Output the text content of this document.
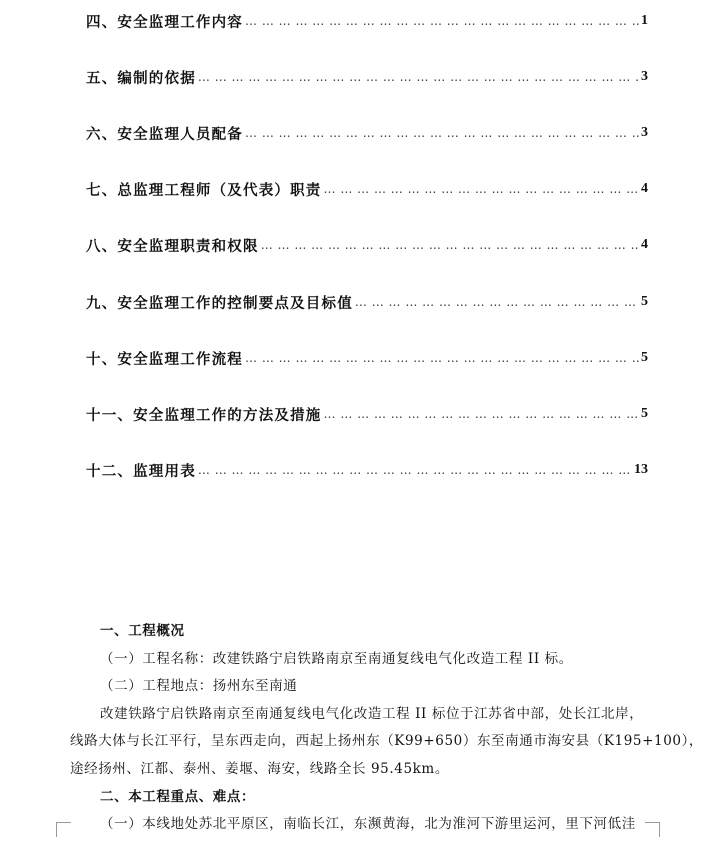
四、安全监理工作内容 … … … … … … … … … … … … … … … … … … … … … … … … … … … … … … … … … … … … … … … … … … … … … …	1
五、编制的依据 … … … … … … … … … … … … … … … … … … … … … … … … … … … … … … … … … … … … … … … … … … … … … …	3
六、安全监理人员配备 … … … … … … … … … … … … … … … … … … … … … … … … … … … … … … … … … … … … … … … … … … … … … …	3
七、总监理工程师（及代表）职责 … … … … … … … … … … … … … … … … … … … … … … … … … … … … … … … … … … … … … … … … … … … … … …	4
八、安全监理职责和权限 … … … … … … … … … … … … … … … … … … … … … … … … … … … … … … … … … … … … … … … … … … … … … …	4
九、安全监理工作的控制要点及目标值 … … … … … … … … … … … … … … … … … … … … … … … … … … … … … … … … … … … … … … … … … … … … … …	5
十、安全监理工作流程 … … … … … … … … … … … … … … … … … … … … … … … … … … … … … … … … … … … … … … … … … … … … … …	5
十一、安全监理工作的方法及措施 … … … … … … … … … … … … … … … … … … … … … … … … … … … … … … … … … … … … … … … … … … … … … …	5
十二、监理用表 … … … … … … … … … … … … … … … … … … … … … … … … … … … … … … … … … … … … … … … … … … … … … …	13
一、工程概况
（一）工程名称：改建铁路宁启铁路南京至南通复线电气化改造工程 II 标。
（二）工程地点：扬州东至南通
改建铁路宁启铁路南京至南通复线电气化改造工程 II 标位于江苏省中部，处长江北岸，
线路大体与长江平行，呈东西走向，西起上扬州东（K99+650）东至南通市海安县（K195+100），
途经扬州、江都、泰州、姜堰、海安，线路全长 95.45km。
二、本工程重点、难点：
（一）本线地处苏北平原区，南临长江，东濒黄海，北为淮河下游里运河，里下河低洼
